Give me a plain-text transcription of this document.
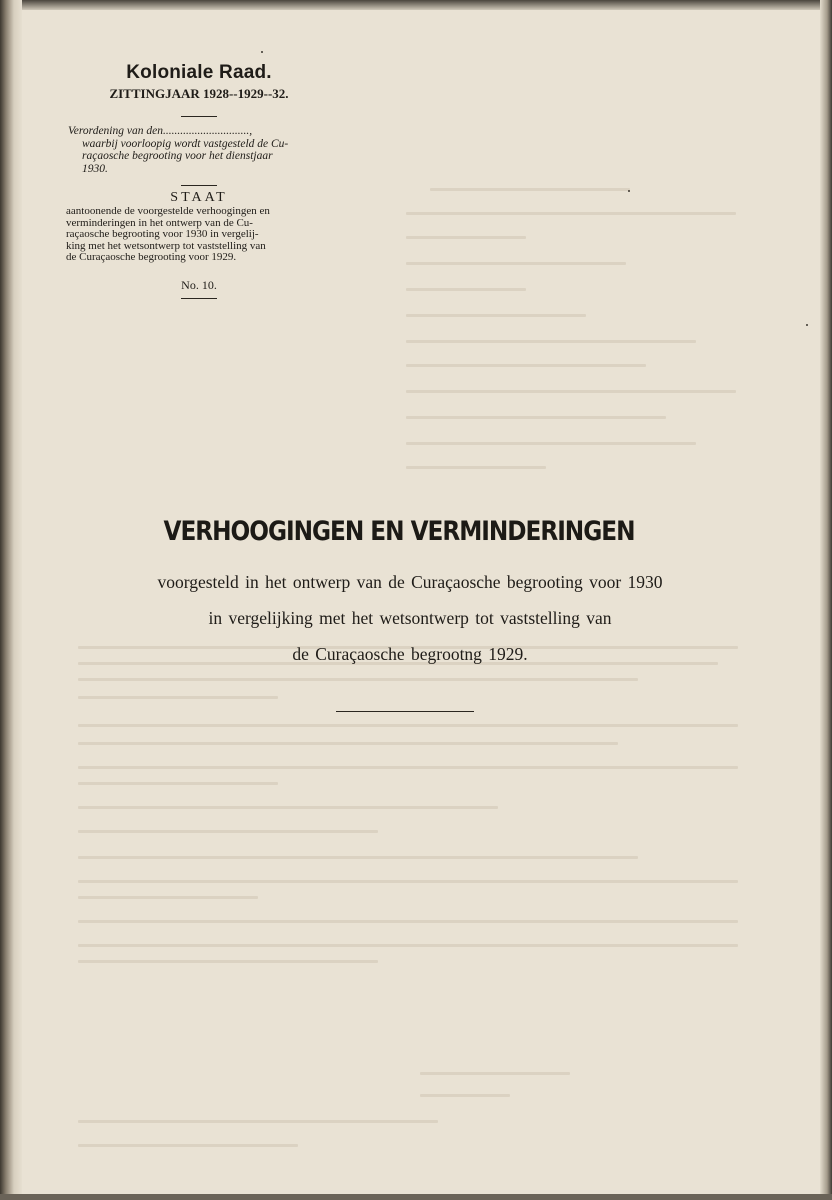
Koloniale Raad.

ZITTINGJAAR 1928--1929--32.

Verordening van den..............................,
waarbij voorloopig wordt vastgesteld de Cu-
raçaosche begrooting voor het dienstjaar
1930.

STAAT

aantoonende de voorgestelde verhoogingen en
verminderingen in het ontwerp van de Cu-
raçaosche begrooting voor 1930 in vergelij-
king met het wetsontwerp tot vaststelling van
de Curaçaosche begrooting voor 1929.

No. 10.

VERHOOGINGEN EN VERMINDERINGEN
voorgesteld in het ontwerp van de Curaçaosche begrooting voor 1930
in vergelijking met het wetsontwerp tot vaststelling van
de Curaçaosche begrootng 1929.
